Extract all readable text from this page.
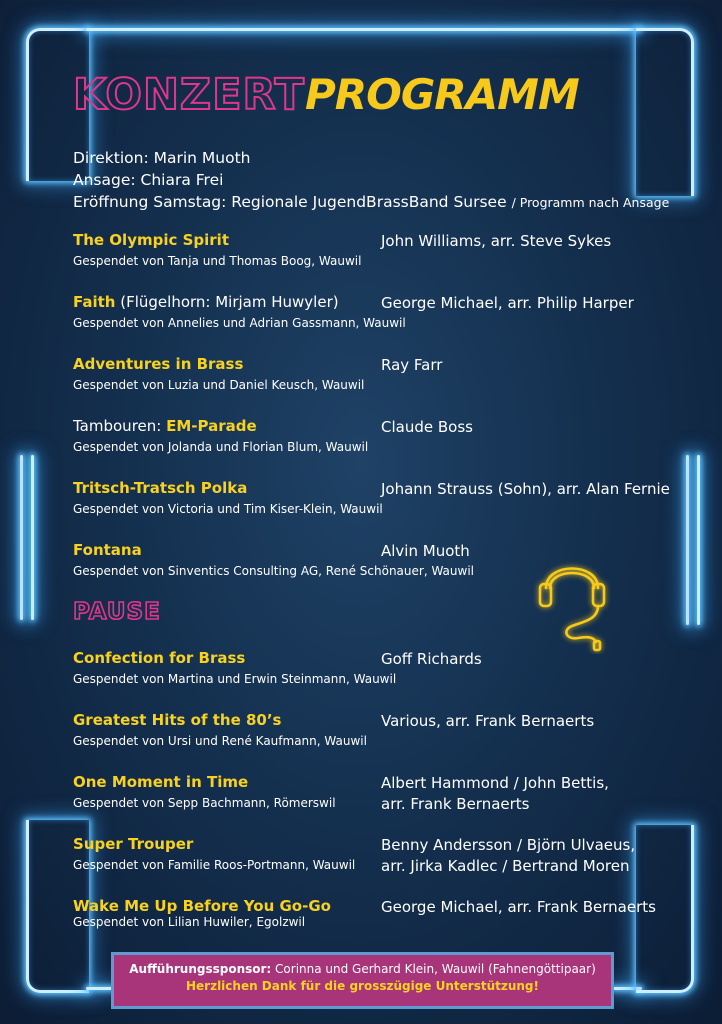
KONZERTPROGRAMM
Direktion: Marin Muoth
Ansage: Chiara Frei
Eröffnung Samstag: Regionale JugendBrassBand Sursee / Programm nach Ansage
The Olympic Spirit	John Williams, arr. Steve Sykes
Gespendet von Tanja und Thomas Boog, Wauwil
Faith (Flügelhorn: Mirjam Huwyler)	George Michael, arr. Philip Harper
Gespendet von Annelies und Adrian Gassmann, Wauwil
Adventures in Brass	Ray Farr
Gespendet von Luzia und Daniel Keusch, Wauwil
Tambouren: EM-Parade	Claude Boss
Gespendet von Jolanda und Florian Blum, Wauwil
Tritsch-Tratsch Polka	Johann Strauss (Sohn), arr. Alan Fernie
Gespendet von Victoria und Tim Kiser-Klein, Wauwil
Fontana	Alvin Muoth
Gespendet von Sinventics Consulting AG, René Schönauer, Wauwil
PAUSE
Confection for Brass	Goff Richards
Gespendet von Martina und Erwin Steinmann, Wauwil
Greatest Hits of the 80’s	Various, arr. Frank Bernaerts
Gespendet von Ursi und René Kaufmann, Wauwil
One Moment in Time	Albert Hammond / John Bettis,
arr. Frank Bernaerts
Gespendet von Sepp Bachmann, Römerswil
Super Trouper	Benny Andersson / Björn Ulvaeus,
arr. Jirka Kadlec / Bertrand Moren
Gespendet von Familie Roos-Portmann, Wauwil
Wake Me Up Before You Go-Go	George Michael, arr. Frank Bernaerts
Gespendet von Lilian Huwiler, Egolzwil
Aufführungssponsor: Corinna und Gerhard Klein, Wauwil (Fahnengöttipaar)
Herzlichen Dank für die grosszügige Unterstützung!
